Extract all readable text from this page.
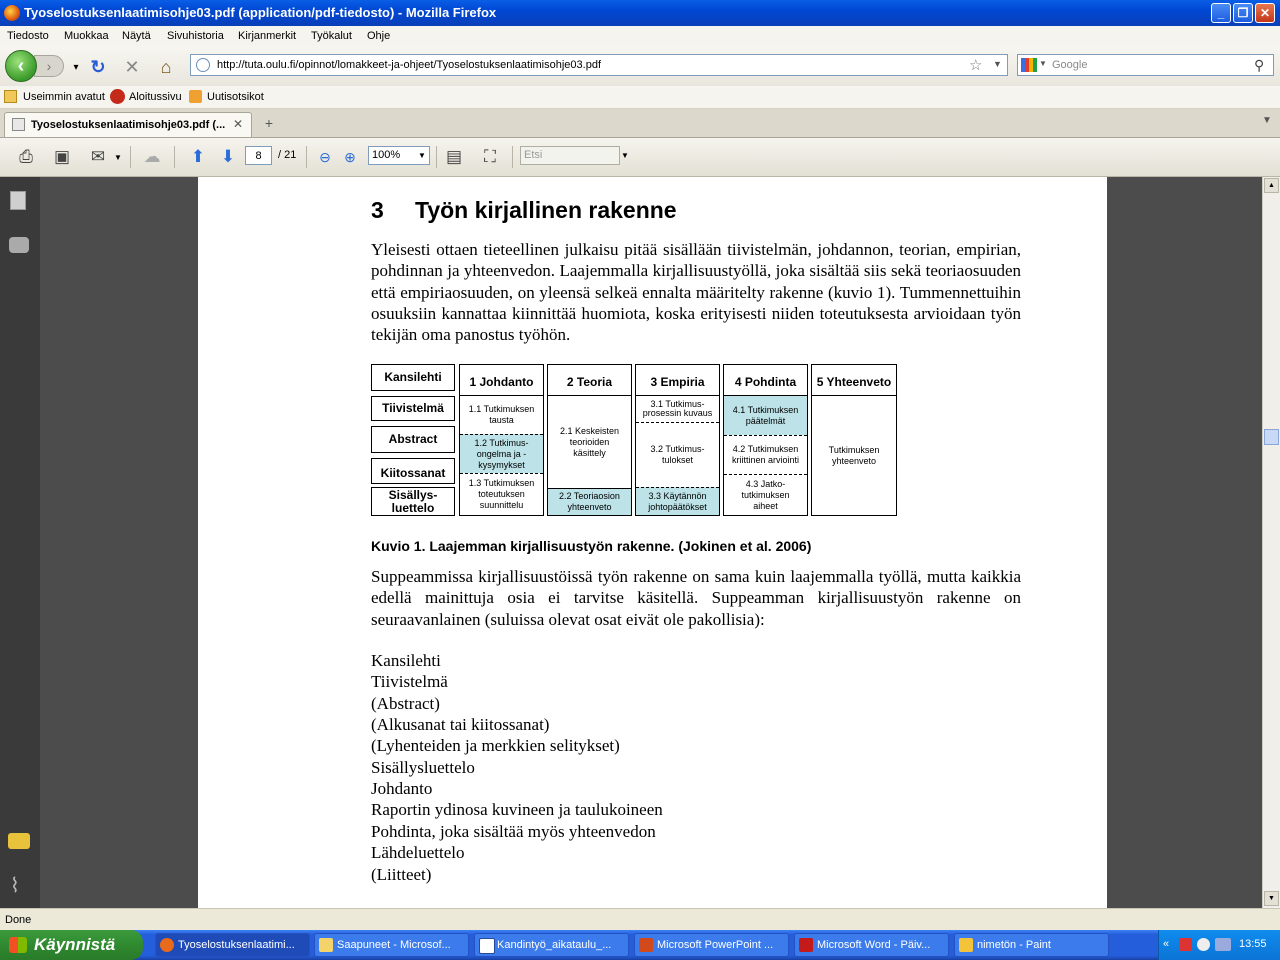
Tyoselostuksenlaatimisohje03.pdf (application/pdf-tiedosto) - Mozilla Firefox	_	❐ ✕
Tiedosto Muokkaa Näytä Sivuhistoria Kirjanmerkit Työkalut Ohje
›
‹	▾ ↻ ✕	⌂	http://tuta.oulu.fi/opinnot/lomakkeet-ja-ohjeet/Tyoselostuksenlaatimisohje03.pdf	☆ ▼	▼ Google	⚲
Useimmin avatut Aloitussivu Uutisotsikot
Tyoselostuksenlaatimisohje03.pdf (... ✕	+	▼
⎙	▣ ✉	▼ ☁ ⬆ ⬇	8	/ 21	⊖ ⊕	100% ▼ ▤	⛶	Etsi	▼
⌇
3 Työn kirjallinen rakenne
Yleisesti ottaen tieteellinen julkaisu pitää sisällään tiivistelmän, johdannon, teorian, empirian, pohdinnan ja yhteenvedon. Laajemmalla kirjallisuustyöllä, joka sisältää siis sekä teoriaosuuden että empiriaosuuden, on yleensä selkeä ennalta määritelty rakenne (kuvio 1). Tummennettuihin osuuksiin kannattaa kiinnittää huomiota, koska erityisesti niiden toteutuksesta arvioidaan työn tekijän oma panostus työhön.
Kansilehti
Tiivistelmä
Abstract
Kiitossanat
Sisällys-luettelo
1 Johdanto
1.1 Tutkimuksen tausta
1.2 Tutkimus-ongelma ja -kysymykset
1.3 Tutkimuksen toteutuksen suunnittelu
2 Teoria
2.1 Keskeisten teorioiden käsittely
2.2 Teoriaosion yhteenveto
3 Empiria
3.1 Tutkimus-prosessin kuvaus
3.2 Tutkimus-tulokset
3.3 Käytännön johtopäätökset
4 Pohdinta
4.1 Tutkimuksen päätelmät
4.2 Tutkimuksen kriittinen arviointi
4.3 Jatko-tutkimuksen aiheet
5 Yhteenveto
Tutkimuksen yhteenveto
Kuvio 1. Laajemman kirjallisuustyön rakenne. (Jokinen et al. 2006)
Suppeammissa kirjallisuustöissä työn rakenne on sama kuin laajemmalla työllä, mutta kaikkia edellä mainittuja osia ei tarvitse käsitellä. Suppeamman kirjallisuustyön rakenne on seuraavanlainen (suluissa olevat osat eivät ole pakollisia):
Kansilehti
Tiivistelmä
(Abstract)
(Alkusanat tai kiitossanat)
(Lyhenteiden ja merkkien selitykset)
Sisällysluettelo
Johdanto
Raportin ydinosa kuvineen ja taulukoineen
Pohdinta, joka sisältää myös yhteenvedon
Lähdeluettelo
(Liitteet)
▲
▼
Done
Käynnistä	Tyoselostuksenlaatimi...	Saapuneet - Microsof...	Kandintyö_aikataulu_...	Microsoft PowerPoint ...	Microsoft Word - Päiv...	nimetön - Paint	«	13:55
